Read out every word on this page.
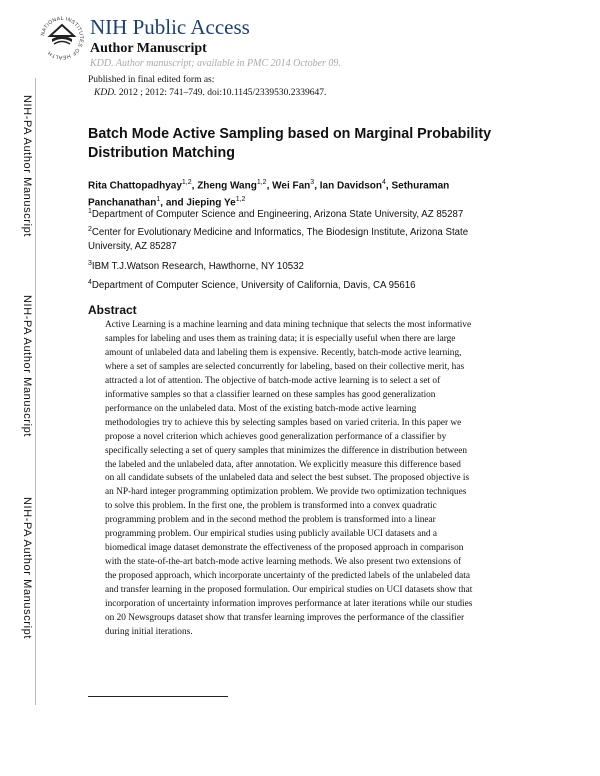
NIH-PA Author Manuscript
NIH-PA Author Manuscript
NIH-PA Author Manuscript
NATIONAL INSTITUTES OF HEALTH
NIH Public Access
Author Manuscript
KDD. Author manuscript; available in PMC 2014 October 09.
Published in final edited form as:
KDD. 2012 ; 2012: 741–749. doi:10.1145/2339530.2339647.
Batch Mode Active Sampling based on Marginal Probability Distribution Matching
Rita Chattopadhyay$^{1,2}$, Zheng Wang$^{1,2}$, Wei Fan$^3$, Ian Davidson$^4$, Sethuraman Panchanathan$^1$, and Jieping Ye$^{1,2}$
$^1$Department of Computer Science and Engineering, Arizona State University, AZ 85287
$^2$Center for Evolutionary Medicine and Informatics, The Biodesign Institute, Arizona State University, AZ 85287
$^3$IBM T.J.Watson Research, Hawthorne, NY 10532
$^4$Department of Computer Science, University of California, Davis, CA 95616
Abstract
Active Learning is a machine learning and data mining technique that selects the most informative
samples for labeling and uses them as training data; it is especially useful when there are large
amount of unlabeled data and labeling them is expensive. Recently, batch-mode active learning,
where a set of samples are selected concurrently for labeling, based on their collective merit, has
attracted a lot of attention. The objective of batch-mode active learning is to select a set of
informative samples so that a classifier learned on these samples has good generalization
performance on the unlabeled data. Most of the existing batch-mode active learning
methodologies try to achieve this by selecting samples based on varied criteria. In this paper we
propose a novel criterion which achieves good generalization performance of a classifier by
specifically selecting a set of query samples that minimizes the difference in distribution between
the labeled and the unlabeled data, after annotation. We explicitly measure this difference based
on all candidate subsets of the unlabeled data and select the best subset. The proposed objective is
an NP-hard integer programming optimization problem. We provide two optimization techniques
to solve this problem. In the first one, the problem is transformed into a convex quadratic
programming problem and in the second method the problem is transformed into a linear
programming problem. Our empirical studies using publicly available UCI datasets and a
biomedical image dataset demonstrate the effectiveness of the proposed approach in comparison
with the state-of-the-art batch-mode active learning methods. We also present two extensions of
the proposed approach, which incorporate uncertainty of the predicted labels of the unlabeled data
and transfer learning in the proposed formulation. Our empirical studies on UCI datasets show that
incorporation of uncertainty information improves performance at later iterations while our studies
on 20 Newsgroups dataset show that transfer learning improves the performance of the classifier
during initial iterations.
